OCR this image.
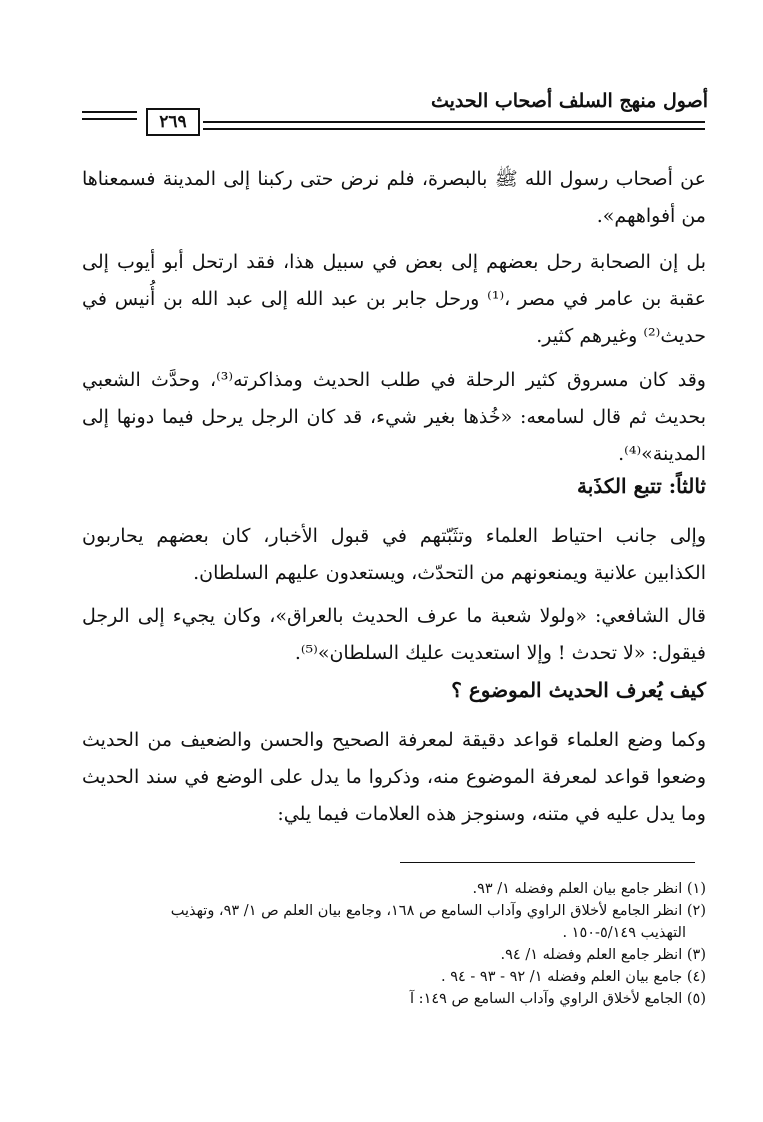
أصول منهج السلف أصحاب الحديث
٢٦٩
عن أصحاب رسول الله ﷺ بالبصرة، فلم نرض حتى ركبنا إلى المدينة فسمعناها من أفواههم».
بل إن الصحابة رحل بعضهم إلى بعض في سبيل هذا، فقد ارتحل أبو أيوب إلى عقبة بن عامر في مصر ،⁽¹⁾ ورحل جابر بن عبد الله إلى عبد الله بن أُنيس في حديث⁽²⁾ وغيرهم كثير.
وقد كان مسروق كثير الرحلة في طلب الحديث ومذاكرته⁽³⁾، وحدَّث الشعبي بحديث ثم قال لسامعه: «خُذها بغير شيء، قد كان الرجل يرحل فيما دونها إلى المدينة»⁽⁴⁾.
ثالثاً: تتبع الكذَبة
وإلى جانب احتياط العلماء وتثَبّتهم في قبول الأخبار، كان بعضهم يحاربون الكذابين علانية ويمنعونهم من التحدّث، ويستعدون عليهم السلطان.
قال الشافعي: «ولولا شعبة ما عرف الحديث بالعراق»، وكان يجيء إلى الرجل فيقول: «لا تحدث ! وإلا استعديت عليك السلطان»⁽⁵⁾.
كيف يُعرف الحديث الموضوع ؟
وكما وضع العلماء قواعد دقيقة لمعرفة الصحيح والحسن والضعيف من الحديث وضعوا قواعد لمعرفة الموضوع منه، وذكروا ما يدل على الوضع في سند الحديث وما يدل عليه في متنه، وسنوجز هذه العلامات فيما يلي:

(١) انظر جامع بيان العلم وفضله ١/ ٩٣.

(٢) انظر الجامع لأخلاق الراوي وآداب السامع ص ١٦٨، وجامع بيان العلم ص ١/ ٩٣، وتهذيب

التهذيب ٥/١٤٩-١٥٠ .

(٣) انظر جامع العلم وفضله ١/ ٩٤.

(٤) جامع بيان العلم وفضله ١/ ٩٢ - ٩٣ - ٩٤ .

(٥) الجامع لأخلاق الراوي وآداب السامع ص ١٤٩: آ
